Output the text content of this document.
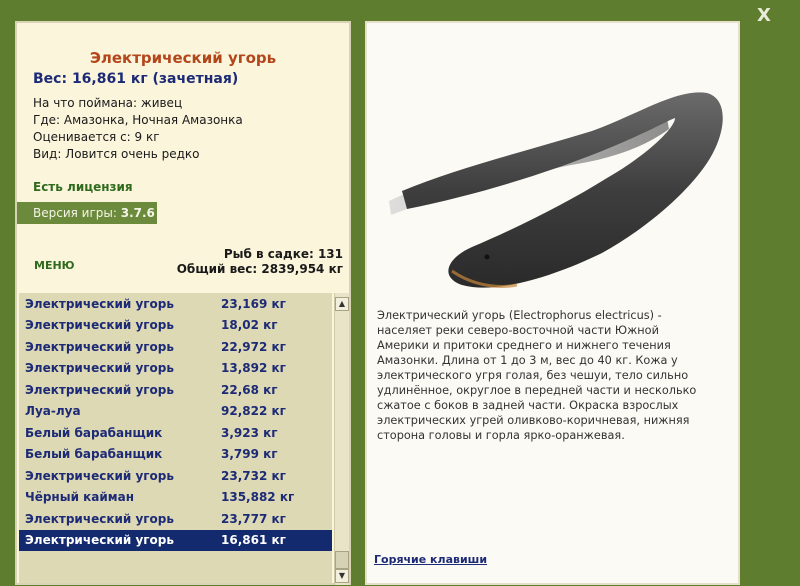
X
Электрический угорь
Вес: 16,861 кг (зачетная)
На что поймана: живец
Где: Амазонка, Ночная Амазонка
Оценивается с: 9 кг
Вид: Ловится очень редко
Есть лицензия
Версия игры: 3.7.6
МЕНЮ
Рыб в садке: 131
Общий вес: 2839,954 кг
Электрический угорь	23,169 кг
Электрический угорь	18,02 кг
Электрический угорь	22,972 кг
Электрический угорь	13,892 кг
Электрический угорь	22,68 кг
Луа-луа	92,822 кг
Белый барабанщик	3,923 кг
Белый барабанщик	3,799 кг
Электрический угорь	23,732 кг
Чёрный кайман	135,882 кг
Электрический угорь	23,777 кг
Электрический угорь	16,861 кг
▲
▼
Электрический угорь (Electrophorus electricus) - населяет реки северо-восточной части Южной Америки и притоки среднего и нижнего течения Амазонки. Длина от 1 до 3 м, вес до 40 кг. Кожа у электрического угря голая, без чешуи, тело сильно удлинённое, округлое в передней части и несколько сжатое с боков в задней части. Окраска взрослых электрических угрей оливково-коричневая, нижняя сторона головы и горла ярко-оранжевая.
Горячие клавиши
